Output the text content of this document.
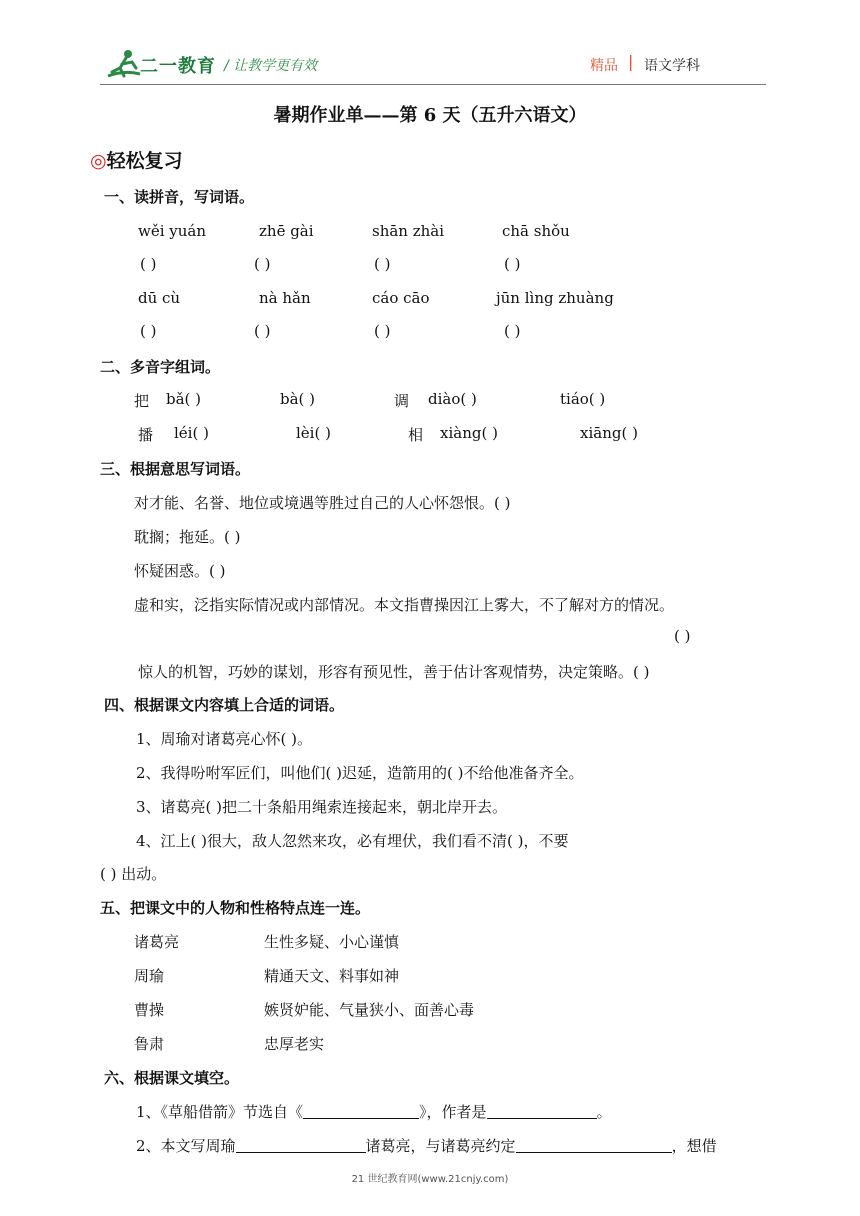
二一教育 / 让教学更有效	精品 | 语文学科
暑期作业单——第 6 天（五升六语文）
◎轻松复习
一、读拼音，写词语。
wěi yuán	zhē gài	shān zhài	chā shǒu
( )	( )	( )	( )
dū cù	nà hǎn	cáo cāo	jūn lìng zhuàng
( )	( )	( )	( )
二、多音字组词。
把 bǎ( )	bà( )	调 diào( )	tiáo( )
播 léi( )	lèi( )	相 xiàng( )	xiāng( )
三、根据意思写词语。
对才能、名誉、地位或境遇等胜过自己的人心怀怨恨。( )
耽搁；拖延。( )
怀疑困惑。( )
虚和实，泛指实际情况或内部情况。本文指曹操因江上雾大，不了解对方的情况。
( )
惊人的机智，巧妙的谋划，形容有预见性，善于估计客观情势，决定策略。( )
四、根据课文内容填上合适的词语。
1、周瑜对诸葛亮心怀( )。
2、我得吩咐军匠们，叫他们( )迟延，造箭用的( )不给他准备齐全。
3、诸葛亮( )把二十条船用绳索连接起来，朝北岸开去。
4、江上( )很大，敌人忽然来攻，必有埋伏，我们看不清( )，不要
( ) 出动。
五、把课文中的人物和性格特点连一连。
诸葛亮	生性多疑、小心谨慎
周瑜	精通天文、料事如神
曹操	嫉贤妒能、气量狭小、面善心毒
鲁肃	忠厚老实
六、根据课文填空。
1、《草船借箭》节选自《	》，作者是	。
2、本文写周瑜	诸葛亮，与诸葛亮约定	，想借
21 世纪教育网(www.21cnjy.com)
